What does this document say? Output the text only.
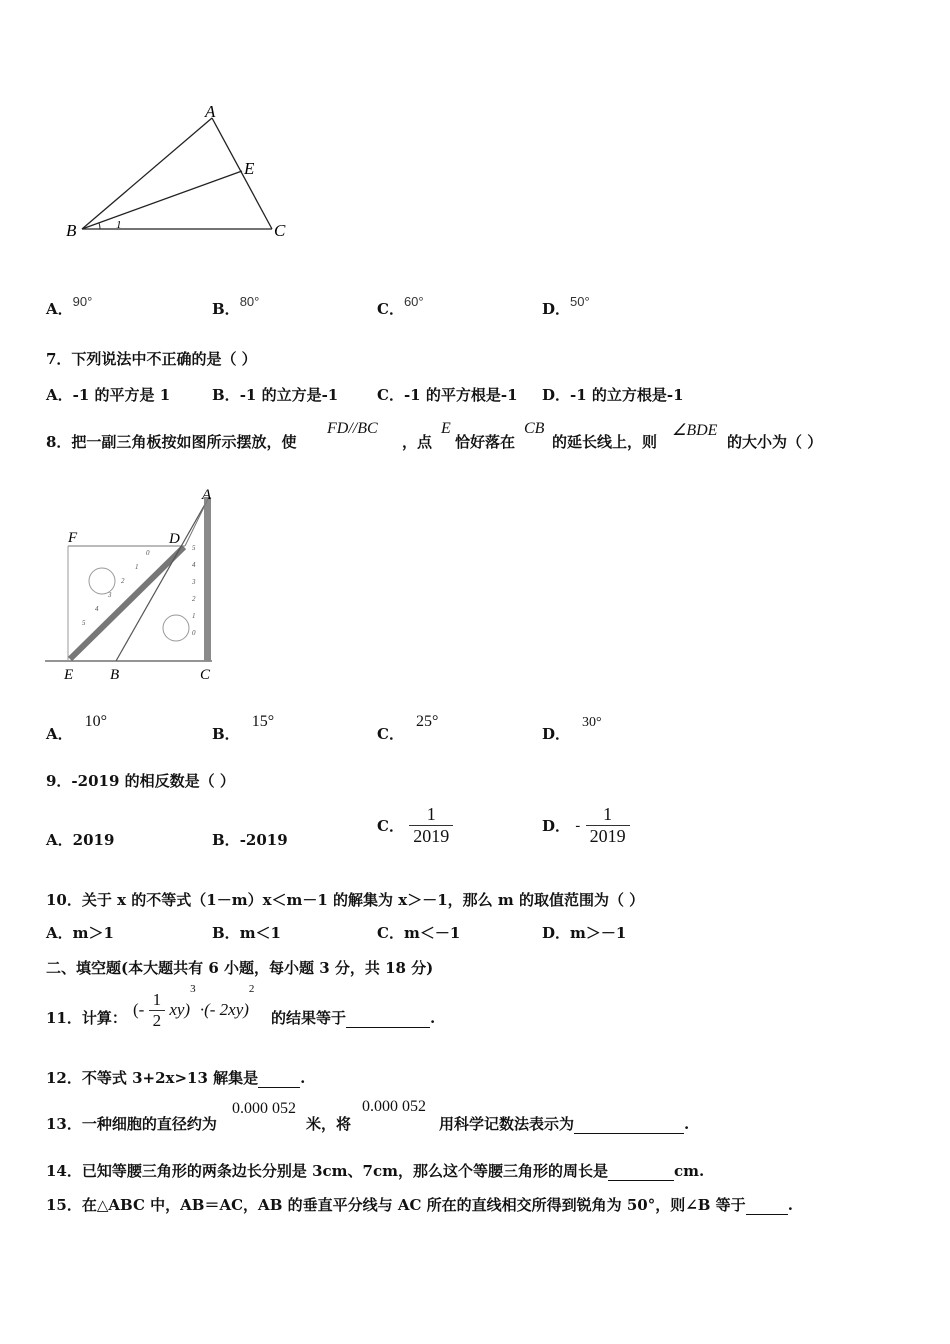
1
A
B	C
E
A．90°	B．80°	C．60°	D．50°
7．下列说法中不正确的是（ ）
A．-1 的平方是 1	B．-1 的立方是-1	C．-1 的平方根是-1 D．-1 的立方根是-1
8．把一副三角板按如图所示摆放，使
FD//BC
，点
E
恰好落在
CB
的延长线上，则
∠BDE
的大小为（ ）
0
1
2
3
4
5
5
4
3
2
1
0
A
F	D
E B	C
A．10°
B．15°
C．25°
D．30°
9．-2019 的相反数是（ ）
A．2019	B．-2019
C． $\frac{1}{2019}$	D． - $\frac{1}{2019}$
10．关于 x 的不等式（1－m）x＜m－1 的解集为 x＞－1，那么 m 的取值范围为（ ）
A．m＞1	B．m＜1	C．m＜－1	D．m＞－1
二、填空题(本大题共有 6 小题，每小题 3 分，共 18 分)
11．计算： (- $\frac{1}{2} xy)^3$ ·(- 2xy)$^2$
的结果等于	.
12．不等式 3+2x>13 解集是	.
13．一种细胞的直径约为
0.000 052
米，将
0.000 052
用科学记数法表示为	.
14．已知等腰三角形的两条边长分别是 3cm、7cm，那么这个等腰三角形的周长是	cm.
15．在△ABC 中，AB＝AC，AB 的垂直平分线与 AC 所在的直线相交所得到锐角为 50°，则∠B 等于	.
